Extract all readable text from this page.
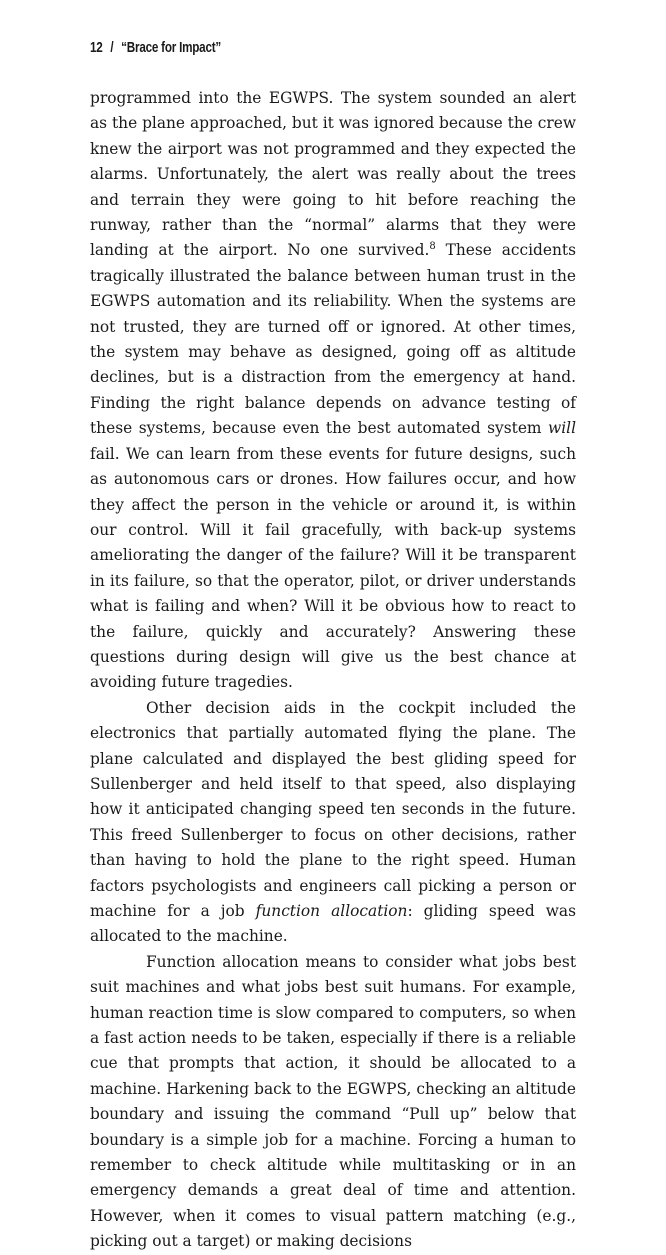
12 / “Brace for Impact”

programmed into the EGWPS. The system sounded an alert as the plane approached, but it was ignored because the crew knew the airport was not programmed and they expected the alarms. Unfortunately, the alert was really about the trees and terrain they were going to hit before reaching the runway, rather than the “normal” alarms that they were landing at the airport. No one survived.$^8$ These accidents tragically illustrated the balance between human trust in the EGWPS automation and its reliability. When the systems are not trusted, they are turned off or ignored. At other times, the system may behave as designed, going off as altitude declines, but is a distraction from the emergency at hand. Finding the right balance depends on advance testing of these systems, because even the best automated system will fail. We can learn from these events for future designs, such as autonomous cars or drones. How failures occur, and how they affect the person in the vehicle or around it, is within our control. Will it fail gracefully, with back-up systems ameliorating the danger of the failure? Will it be transparent in its failure, so that the operator, pilot, or driver understands what is failing and when? Will it be obvious how to react to the failure, quickly and accurately? Answering these questions during design will give us the best chance at avoiding future tragedies.

Other decision aids in the cockpit included the electronics that partially automated flying the plane. The plane calculated and displayed the best gliding speed for Sullenberger and held itself to that speed, also displaying how it anticipated changing speed ten seconds in the future. This freed Sullenberger to focus on other decisions, rather than having to hold the plane to the right speed. Human factors psychologists and engineers call picking a person or machine for a job function allocation: gliding speed was allocated to the machine.

Function allocation means to consider what jobs best suit machines and what jobs best suit humans. For example, human reaction time is slow compared to computers, so when a fast action needs to be taken, especially if there is a reliable cue that prompts that action, it should be allocated to a machine. Harkening back to the EGWPS, checking an altitude boundary and issuing the command “Pull up” below that boundary is a simple job for a machine. Forcing a human to remember to check altitude while multitasking or in an emergency demands a great deal of time and attention. However, when it comes to visual pattern matching (e.g., picking out a target) or making decisions
